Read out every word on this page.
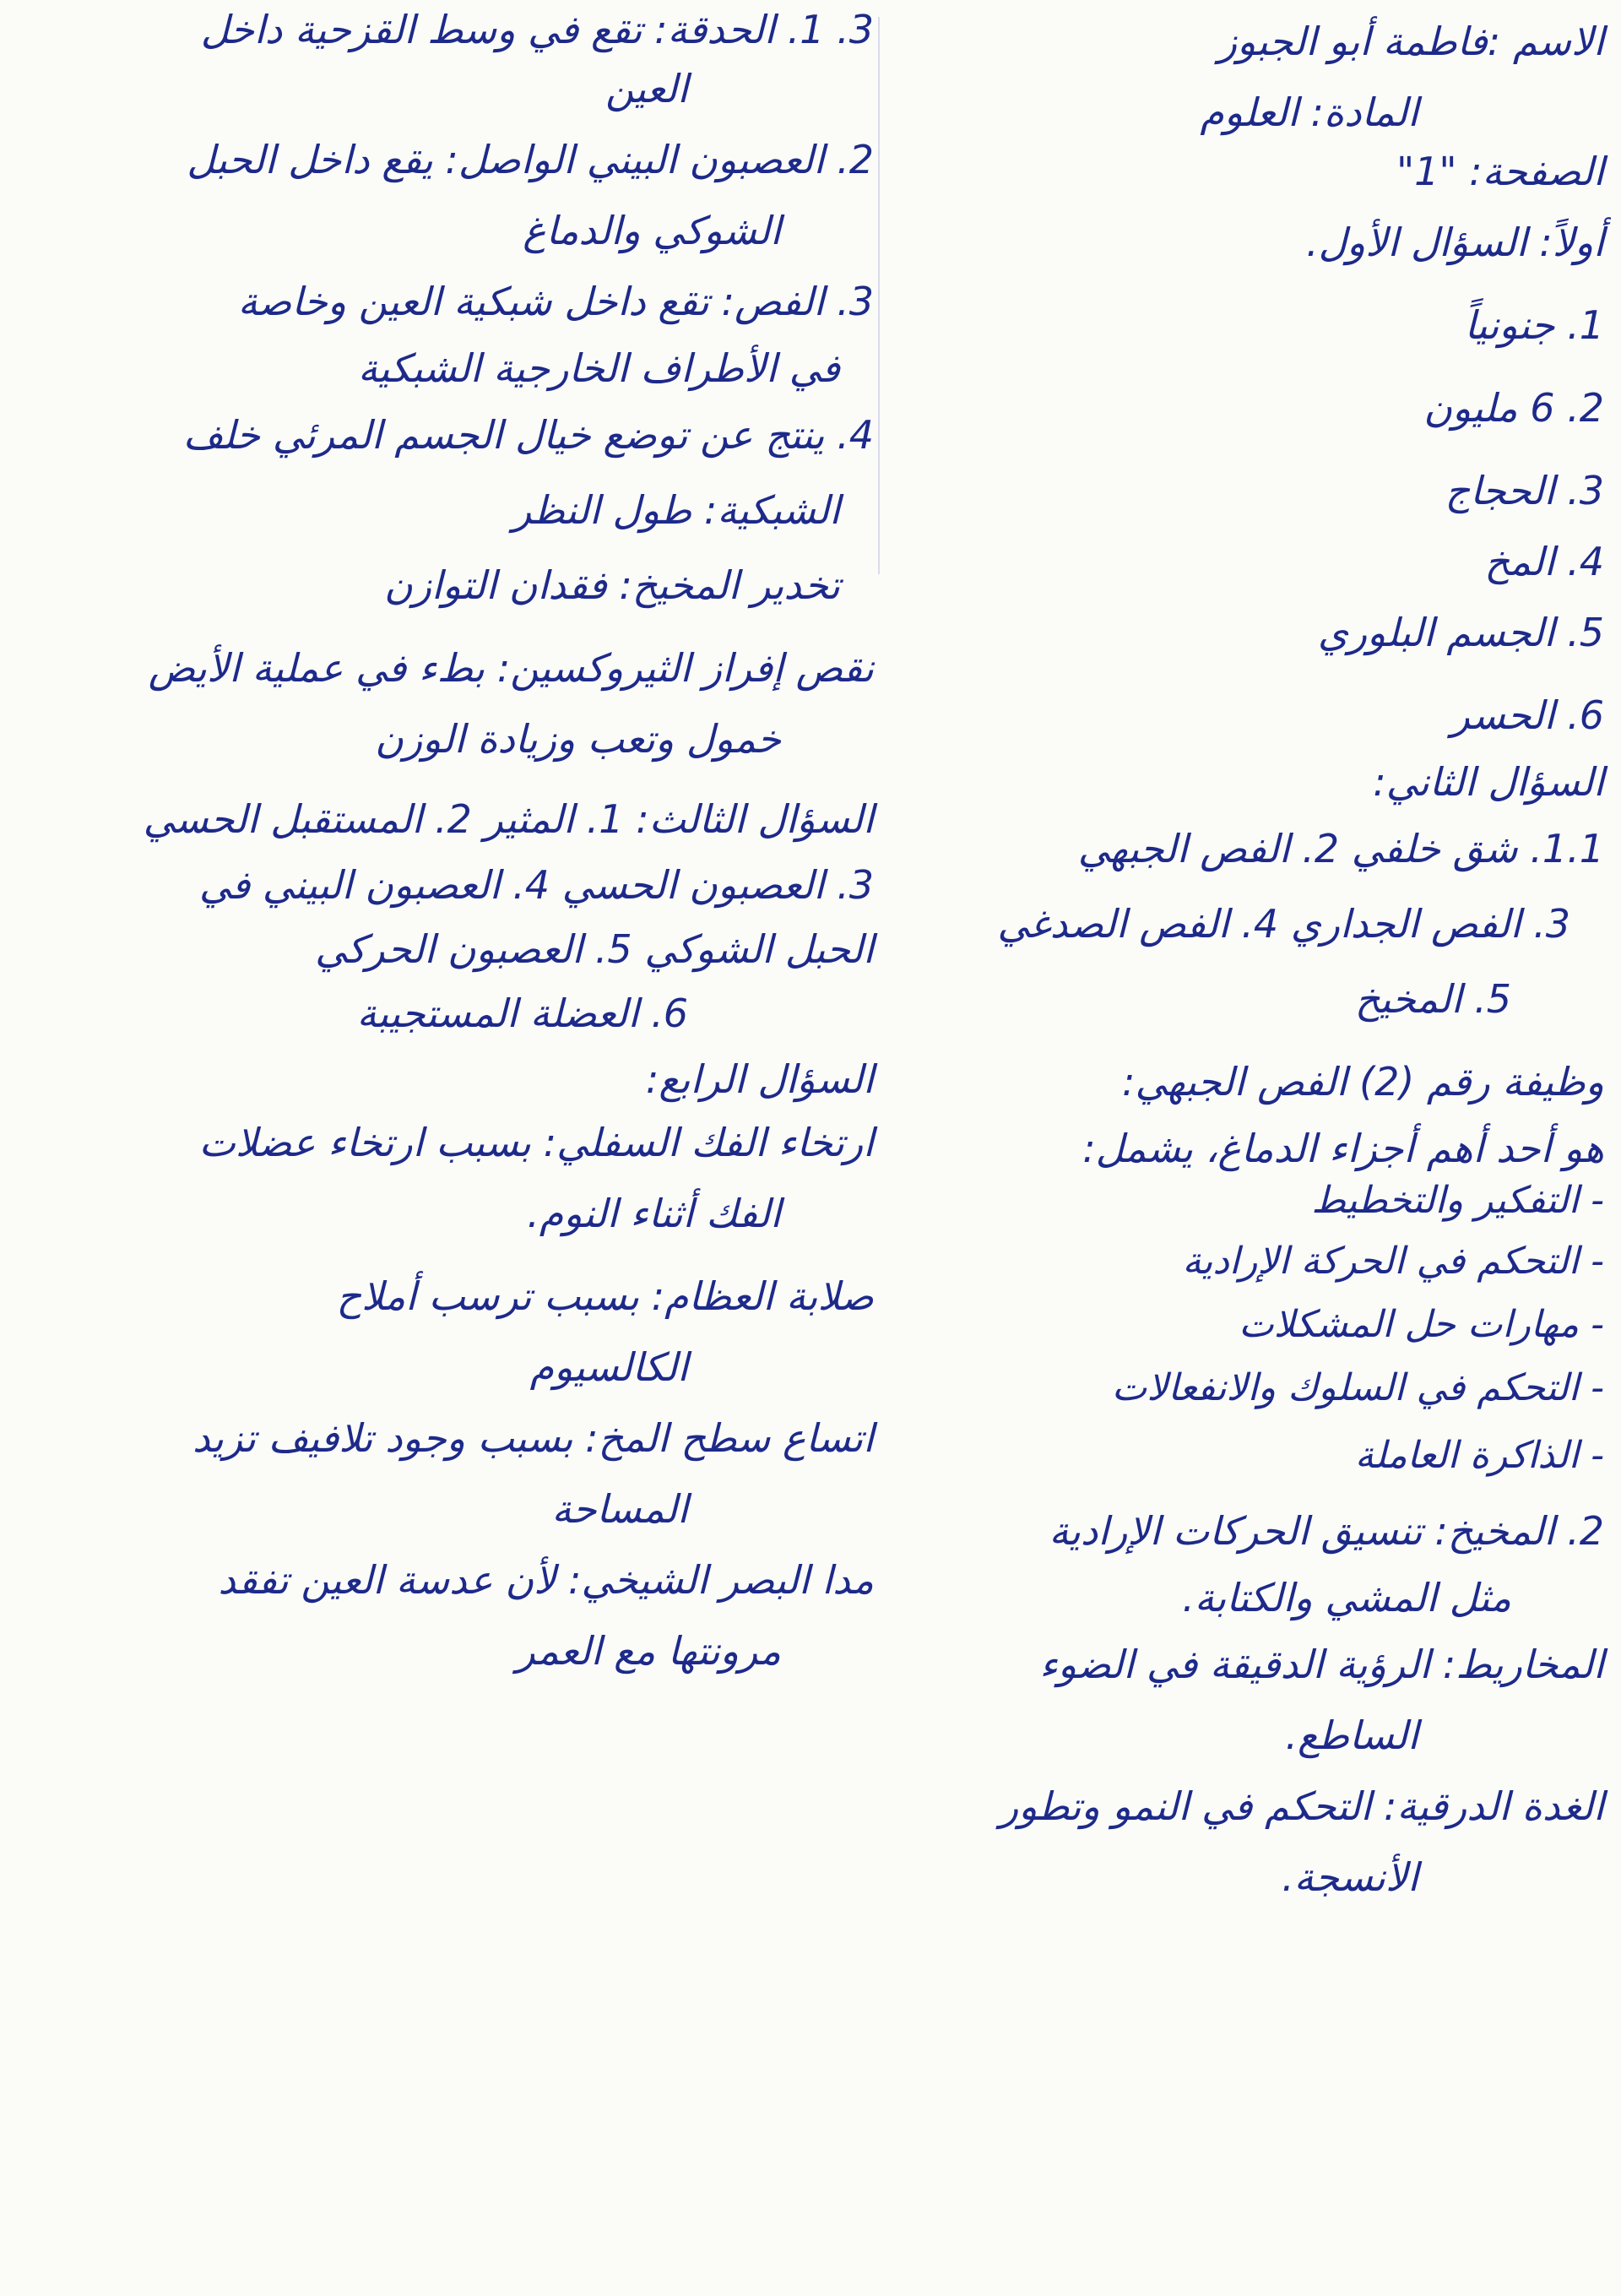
الاسم :فاطمة أبو الجبوز
المادة: العلوم
الصفحة: "1"
أولاً: السؤال الأول.
1. جنونياً
2. 6 مليون
3. الحجاج
4. المخ
5. الجسم البلوري
6. الحسر
السؤال الثاني:
1.1. شق خلفي 2. الفص الجبهي
3. الفص الجداري 4. الفص الصدغي
5. المخيخ
وظيفة رقم (2) الفص الجبهي:
هو أحد أهم أجزاء الدماغ، يشمل:
- التفكير والتخطيط
- التحكم في الحركة الإرادية
- مهارات حل المشكلات
- التحكم في السلوك والانفعالات
- الذاكرة العاملة
2. المخيخ: تنسيق الحركات الإرادية
مثل المشي والكتابة.
المخاريط: الرؤية الدقيقة في الضوء
الساطع.
الغدة الدرقية: التحكم في النمو وتطور
الأنسجة.
3. 1. الحدقة: تقع في وسط القزحية داخل
العين
2. العصبون البيني الواصل: يقع داخل الحبل
الشوكي والدماغ
3. الفص: تقع داخل شبكية العين وخاصة
في الأطراف الخارجية الشبكية
4. ينتج عن توضع خيال الجسم المرئي خلف
الشبكية: طول النظر
تخدير المخيخ: فقدان التوازن
نقص إفراز الثيروكسين: بطء في عملية الأيض
خمول وتعب وزيادة الوزن
السؤال الثالث: 1. المثير 2. المستقبل الحسي
3. العصبون الحسي 4. العصبون البيني في
الحبل الشوكي 5. العصبون الحركي
6. العضلة المستجيبة
السؤال الرابع:
ارتخاء الفك السفلي: بسبب ارتخاء عضلات
الفك أثناء النوم.
صلابة العظام: بسبب ترسب أملاح
الكالسيوم
اتساع سطح المخ: بسبب وجود تلافيف تزيد
المساحة
مدا البصر الشيخي: لأن عدسة العين تفقد
مرونتها مع العمر
